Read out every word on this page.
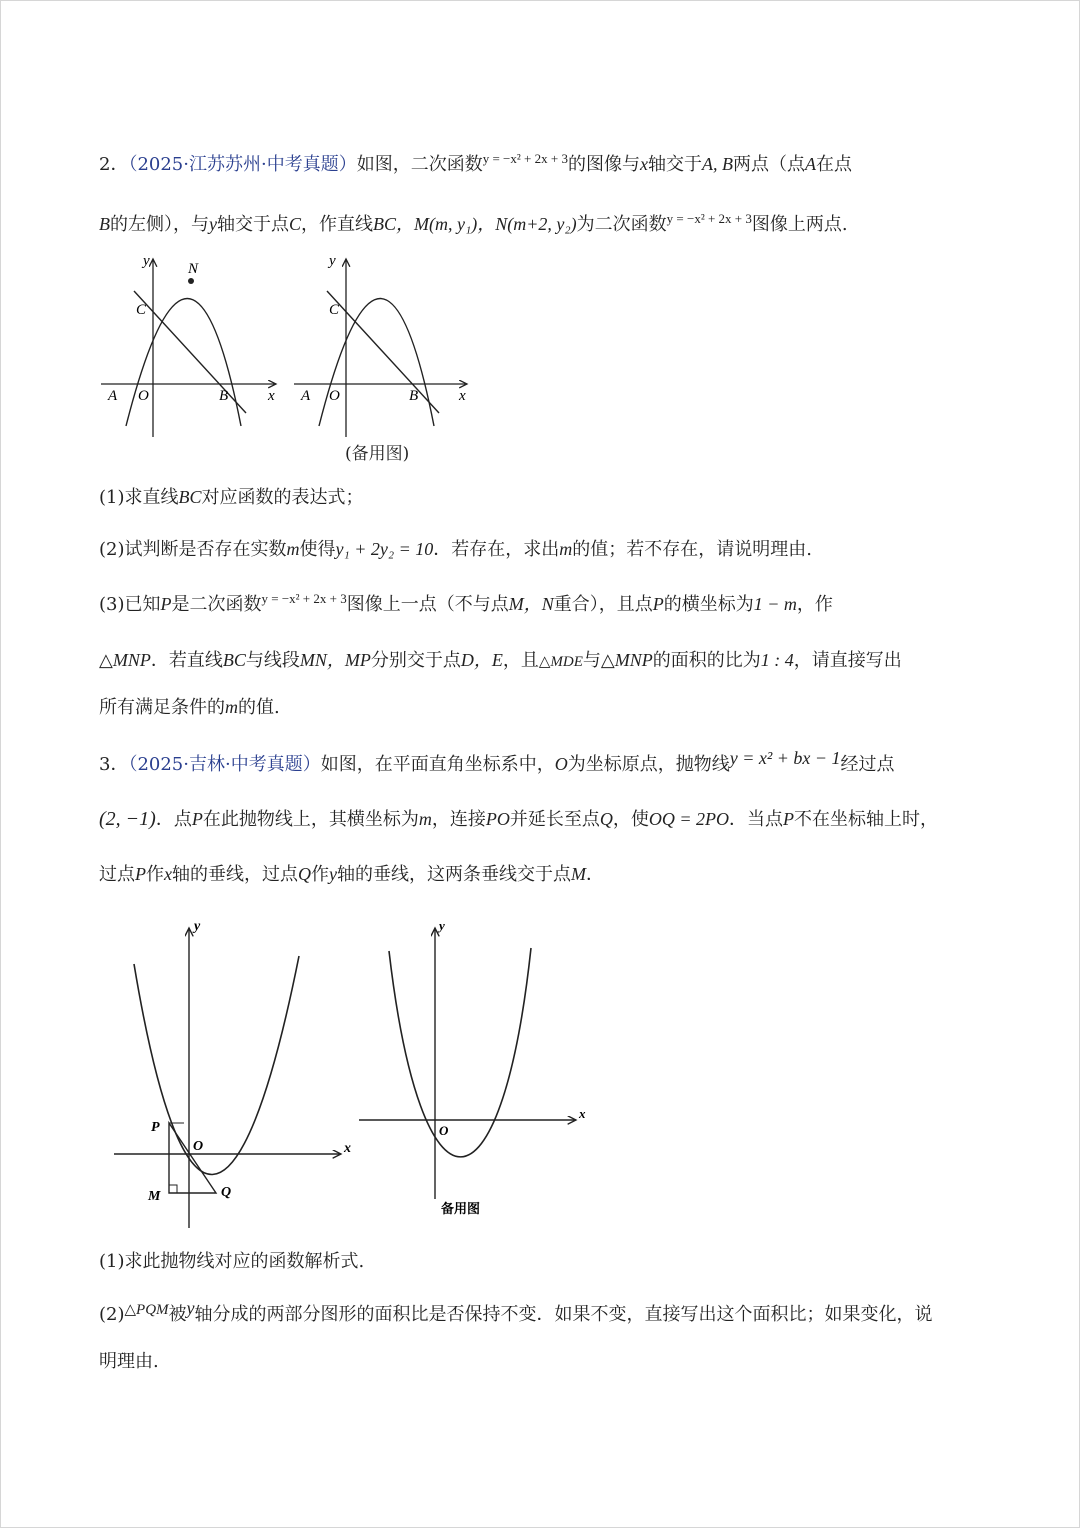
2．（2025·江苏苏州·中考真题）如图，二次函数$^{y = -x^2 + 2x + 3}$的图像与x轴交于A, B两点（点A在点
B的左侧），与y轴交于点C，作直线BC，M(m, y₁)，N(m+2, y₂)为二次函数$^{y = -x^2 + 2x + 3}$图像上两点.
y	N
C
A O	B	x
y
C
A O	B	x
(备用图)
(1)求直线BC对应函数的表达式；
(2)试判断是否存在实数m使得y₁ + 2y₂ = 10．若存在，求出m的值；若不存在，请说明理由.
(3)已知P是二次函数$^{y = -x^2 + 2x + 3}$图像上一点（不与点M，N重合），且点P的横坐标为1 − m，作
△MNP．若直线BC与线段MN，MP分别交于点D，E，且△MDE与△MNP的面积的比为1 : 4，请直接写出
所有满足条件的m的值.
3．（2025·吉林·中考真题）如图，在平面直角坐标系中，O为坐标原点，抛物线y = x² + bx − 1经过点
(2, −1)．点P在此抛物线上，其横坐标为m，连接PO并延长至点Q，使OQ = 2PO．当点P不在坐标轴上时，
过点P作x轴的垂线，过点Q作y轴的垂线，这两条垂线交于点M．
y
x
O
P
M	Q
y
x
O
备用图
(1)求此抛物线对应的函数解析式.
$(2)^{\triangle PQM}$被y轴分成的两部分图形的面积比是否保持不变．如果不变，直接写出这个面积比；如果变化，说
明理由.
